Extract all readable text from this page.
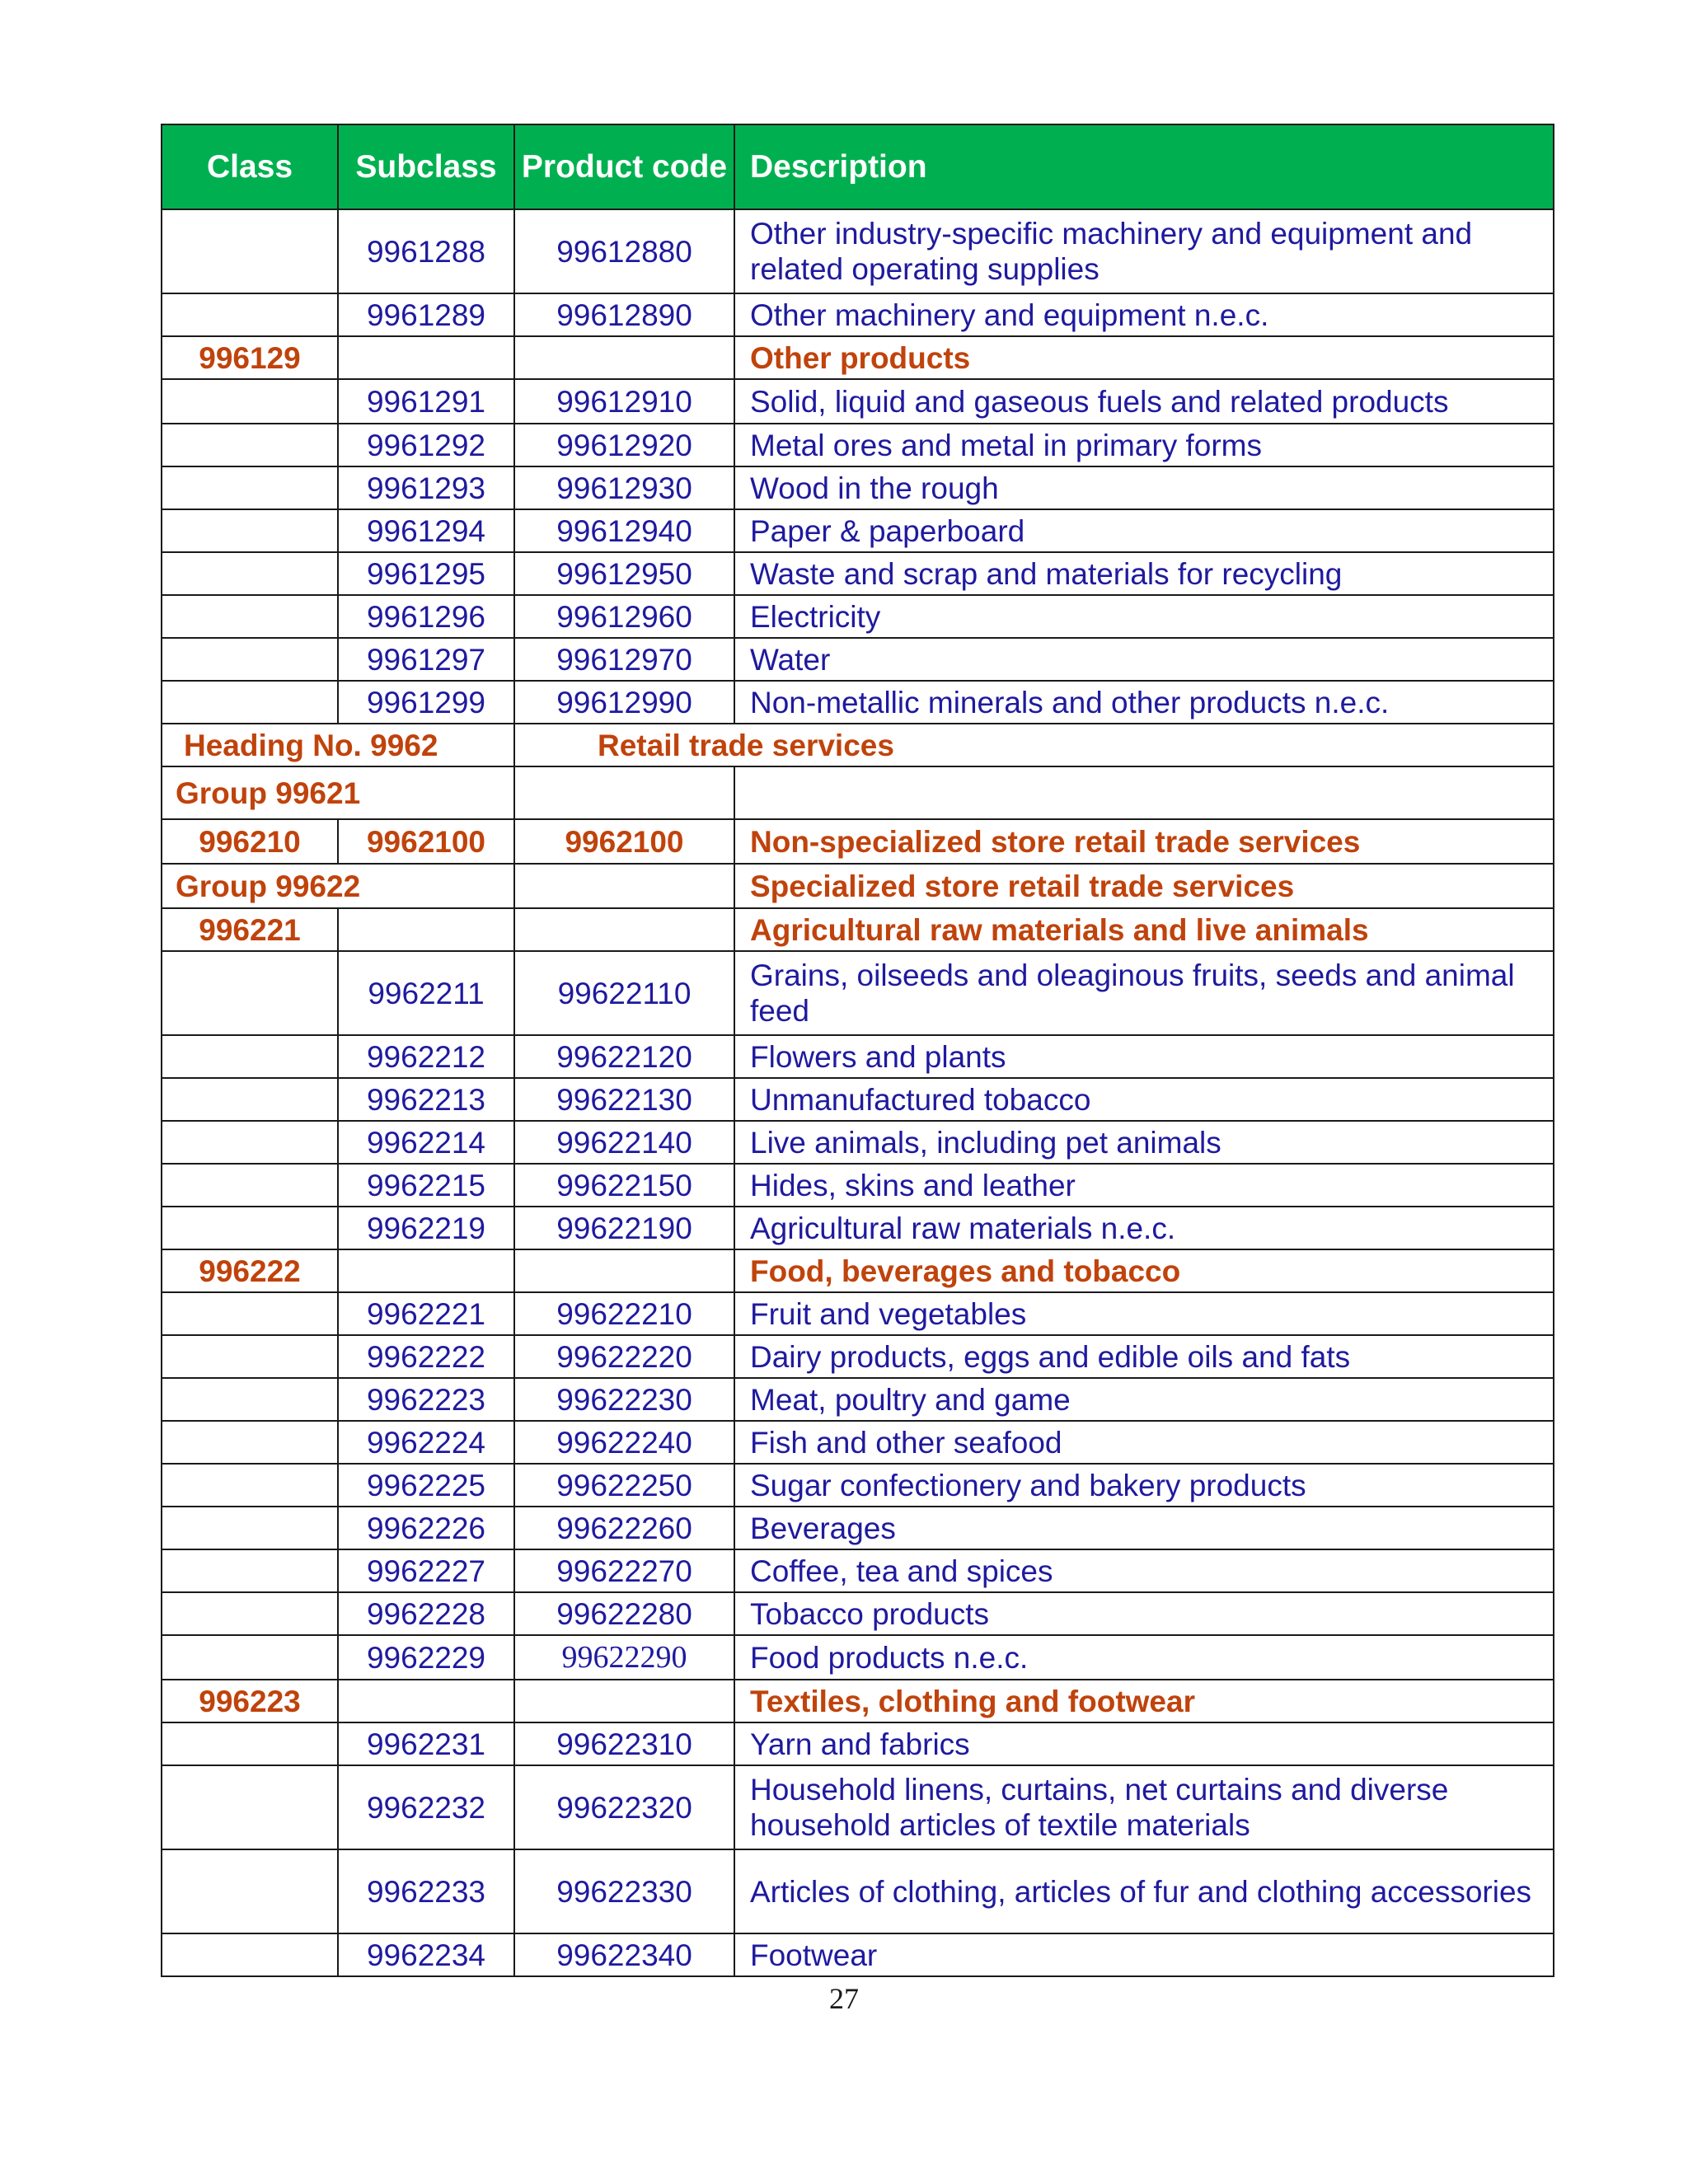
Class	Subclass	Product code	Description
	9961288	99612880	Other industry-specific machinery and equipment and related operating supplies
	9961289	99612890	Other machinery and equipment n.e.c.
996129			Other products
	9961291	99612910	Solid, liquid and gaseous fuels and related products
	9961292	99612920	Metal ores and metal in primary forms
	9961293	99612930	Wood in the rough
	9961294	99612940	Paper & paperboard
	9961295	99612950	Waste and scrap and materials for recycling
	9961296	99612960	Electricity
	9961297	99612970	Water
	9961299	99612990	Non-metallic minerals and other products n.e.c.
Heading No. 9962		Retail trade services	
Group 99621			
996210	9962100	9962100	Non-specialized store retail trade services
Group 99622			Specialized store retail trade services
996221			Agricultural raw materials and live animals
	9962211	99622110	Grains, oilseeds and oleaginous fruits, seeds and animal feed
	9962212	99622120	Flowers and plants
	9962213	99622130	Unmanufactured tobacco
	9962214	99622140	Live animals, including pet animals
	9962215	99622150	Hides, skins and leather
	9962219	99622190	Agricultural raw materials n.e.c.
996222			Food, beverages and tobacco
	9962221	99622210	Fruit and vegetables
	9962222	99622220	Dairy products, eggs and edible oils and fats
	9962223	99622230	Meat, poultry and game
	9962224	99622240	Fish and other seafood
	9962225	99622250	Sugar confectionery and bakery products
	9962226	99622260	Beverages
	9962227	99622270	Coffee, tea and spices
	9962228	99622280	Tobacco products
	9962229	99622290	Food products n.e.c.
996223			Textiles, clothing and footwear
	9962231	99622310	Yarn and fabrics
	9962232	99622320	Household linens, curtains, net curtains and diverse household articles of textile materials
	9962233	99622330	Articles of clothing, articles of fur and clothing accessories
	9962234	99622340	Footwear
27
